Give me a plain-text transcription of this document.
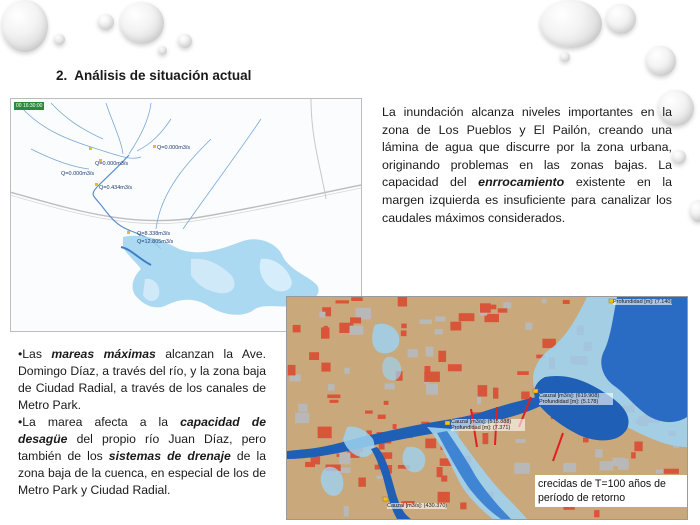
2. Análisis de situación actual
00 16:30:00
Q=0.000m3/s
Q=0.000m3/s
Q=0.000m3/s
Q=0.434m3/s
Q=8.338m3/s
Q=12.805m3/s
La inundación alcanza niveles importantes en la zona de Los Pueblos y El Pailón, creando una lámina de agua que discurre por la zona urbana, originando problemas en las zonas bajas. La capacidad del enrrocamiento existente en la margen izquierda es insuficiente para canalizar los caudales máximos considerados.
Profundidad [m]: (7.140)
Cauzal [m3/s]: (515.888) Profundidad [m]: (7.371)
Cauzal [m3/s]: (619.908) Profundidad [m]: (5.178)
Cauzal [m3/s]: (430.370)
crecidas de T=100 años de período de retorno

•Las mareas máximas alcanzan la Ave. Domingo Díaz, a través del río, y la zona baja de Ciudad Radial, a través de los canales de Metro Park.

•La marea afecta a la capacidad de desagüe del propio río Juan Díaz, pero también de los sistemas de drenaje de la zona baja de la cuenca, en especial de los de Metro Park y Ciudad Radial.
